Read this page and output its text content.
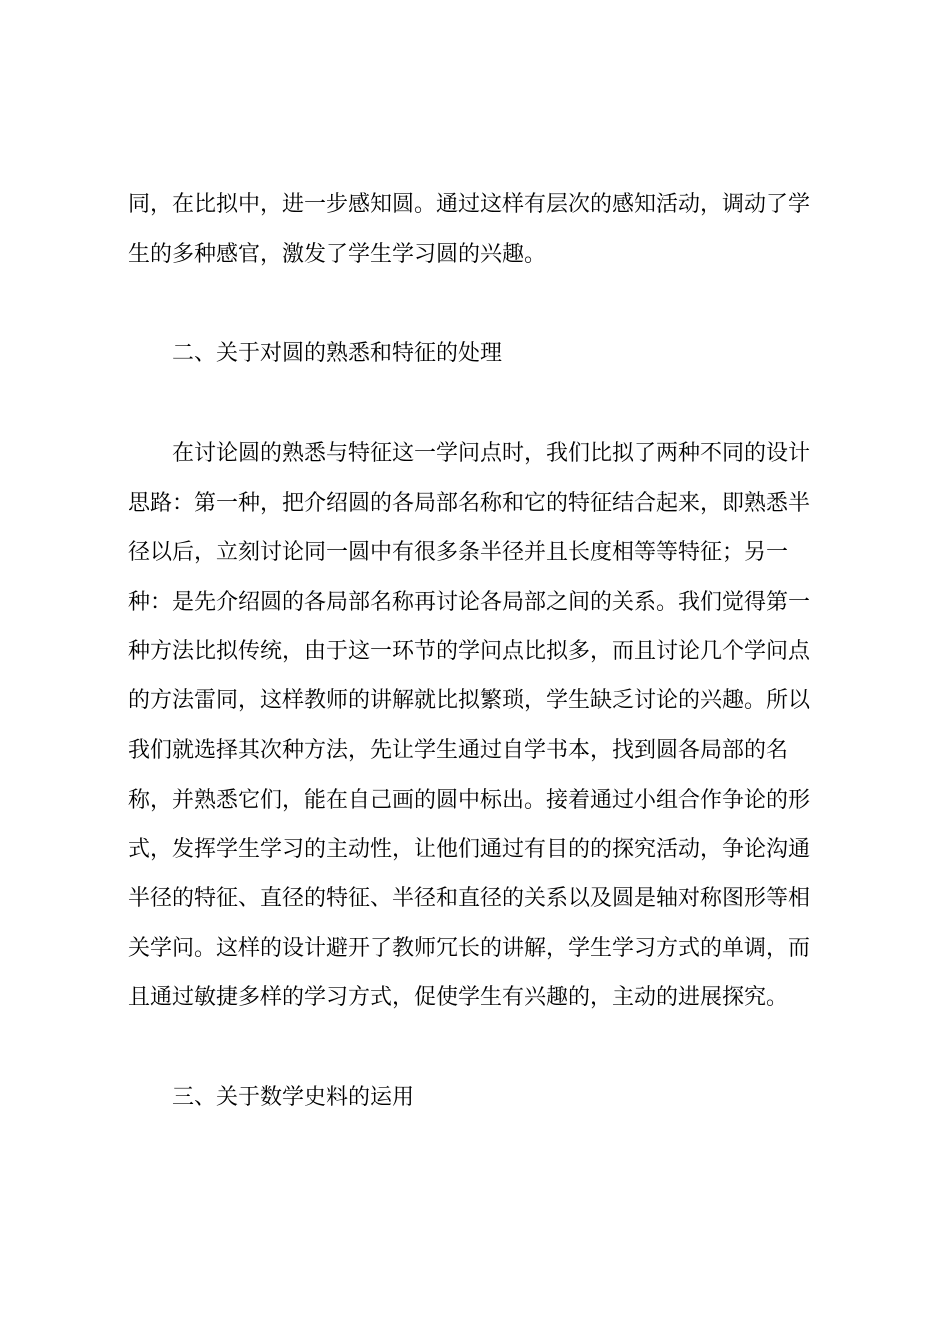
同，在比拟中，进一步感知圆。通过这样有层次的感知活动，调动了学
生的多种感官，激发了学生学习圆的兴趣。
二、关于对圆的熟悉和特征的处理
在讨论圆的熟悉与特征这一学问点时，我们比拟了两种不同的设计
思路：第一种，把介绍圆的各局部名称和它的特征结合起来，即熟悉半
径以后，立刻讨论同一圆中有很多条半径并且长度相等等特征；另一
种：是先介绍圆的各局部名称再讨论各局部之间的关系。我们觉得第一
种方法比拟传统，由于这一环节的学问点比拟多，而且讨论几个学问点
的方法雷同，这样教师的讲解就比拟繁琐，学生缺乏讨论的兴趣。所以
我们就选择其次种方法，先让学生通过自学书本，找到圆各局部的名
称，并熟悉它们，能在自己画的圆中标出。接着通过小组合作争论的形
式，发挥学生学习的主动性，让他们通过有目的的探究活动，争论沟通
半径的特征、直径的特征、半径和直径的关系以及圆是轴对称图形等相
关学问。这样的设计避开了教师冗长的讲解，学生学习方式的单调，而
且通过敏捷多样的学习方式，促使学生有兴趣的，主动的进展探究。
三、关于数学史料的运用
